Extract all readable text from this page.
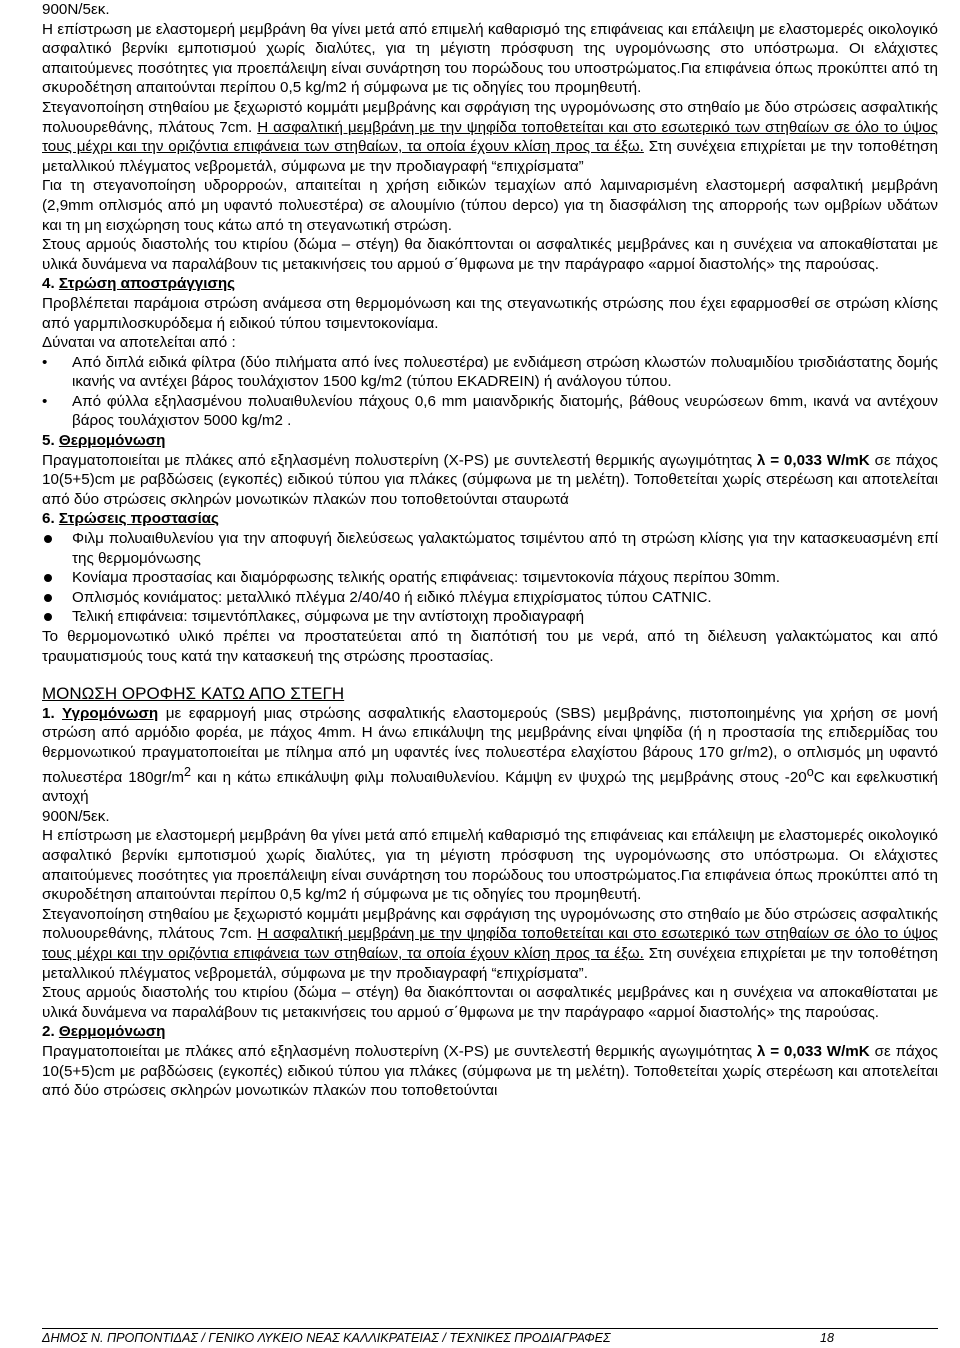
900N/5εκ.

Η επίστρωση με ελαστομερή μεμβράνη θα γίνει μετά από επιμελή καθαρισμό της επιφάνειας και επάλειψη με ελαστομερές οικολογικό ασφαλτικό βερνίκι εμποτισμού χωρίς διαλύτες, για τη μέγιστη πρόσφυση της υγρομόνωσης στο υπόστρωμα. Οι ελάχιστες απαιτούμενες ποσότητες για προεπάλειψη είναι συνάρτηση του πορώδους του υποστρώματος.Για επιφάνεια όπως προκύπτει από τη σκυροδέτηση απαιτούνται περίπου 0,5 kg/m2 ή σύμφωνα με τις οδηγίες του προμηθευτή.

Στεγανοποίηση στηθαίου με ξεχωριστό κομμάτι μεμβράνης και σφράγιση της υγρομόνωσης στο στηθαίο με δύο στρώσεις ασφαλτικής πολυουρεθάνης, πλάτους 7cm. Η ασφαλτική μεμβράνη με την ψηφίδα τοποθετείται και στο εσωτερικό των στηθαίων σε όλο το ύψος τους μέχρι και την οριζόντια επιφάνεια των στηθαίων, τα οποία έχουν κλίση προς τα έξω. Στη συνέχεια επιχρίεται με την τοποθέτηση μεταλλικού πλέγματος νεβρομετάλ, σύμφωνα με την προδιαγραφή “επιχρίσματα”

Για τη στεγανοποίηση υδρορροών, απαιτείται η χρήση ειδικών τεμαχίων από λαμιναρισμένη ελαστομερή ασφαλτική μεμβράνη (2,9mm οπλισμός από μη υφαντό πολυεστέρα) σε αλουμίνιο (τύπου depco) για τη διασφάλιση της απορροής των ομβρίων υδάτων και τη μη εισχώρηση τους κάτω από τη στεγανωτική στρώση.

Στους αρμούς διαστολής του κτιρίου (δώμα – στέγη) θα διακόπτονται οι ασφαλτικές μεμβράνες και η συνέχεια να αποκαθίσταται με υλικά δυνάμενα να παραλάβουν τις μετακινήσεις του αρμού σ΄θμφωνα με την παράγραφο «αρμοί διαστολής» της παρούσας.

4. Στρώση αποστράγγισης

Προβλέπεται παράμοια στρώση ανάμεσα στη θερμομόνωση και της στεγανωτικής στρώσης που έχει εφαρμοσθεί σε στρώση κλίσης από γαρμπιλοσκυρόδεμα ή ειδικού τύπου τσιμεντοκονίαμα.

Δύναται να αποτελείται από :

• Από διπλά ειδικά φίλτρα (δύο πιλήματα από ίνες πολυεστέρα) με ενδιάμεση στρώση κλωστών πολυαμιδίου τρισδιάστατης δομής ικανής να αντέχει βάρος τουλάχιστον 1500 kg/m2 (τύπου EKADREIN) ή ανάλογου τύπου.

• Από φύλλα εξηλασμένου πολυαιθυλενίου πάχους 0,6 mm μαιανδρικής διατομής, βάθους νευρώσεων 6mm, ικανά να αντέχουν βάρος τουλάχιστον 5000 kg/m2 .

5. Θερμομόνωση

Πραγματοποιείται με πλάκες από εξηλασμένη πολυστερίνη (X-PS) με συντελεστή θερμικής αγωγιμότητας λ = 0,033 W/mK σε πάχος 10(5+5)cm με ραβδώσεις (εγκοπές) ειδικού τύπου για πλάκες (σύμφωνα με τη μελέτη). Τοποθετείται χωρίς στερέωση και αποτελείται από δύο στρώσεις σκληρών μονωτικών πλακών που τοποθετούνται σταυρωτά

6. Στρώσεις προστασίας

Φιλμ πολυαιθυλενίου για την αποφυγή διελεύσεως γαλακτώματος τσιμέντου από τη στρώση κλίσης για την κατασκευασμένη επί της θερμομόνωσης

Κονίαμα προστασίας και διαμόρφωσης τελικής ορατής επιφάνειας: τσιμεντοκονία πάχους περίπου 30mm.

Οπλισμός κονιάματος: μεταλλικό πλέγμα 2/40/40 ή ειδικό πλέγμα επιχρίσματος τύπου CATNIC.

Τελική επιφάνεια: τσιμεντόπλακες, σύμφωνα με την αντίστοιχη προδιαγραφή

Το θερμομονωτικό υλικό πρέπει να προστατεύεται από τη διαπότισή του με νερά, από τη διέλευση γαλακτώματος και από τραυματισμούς τους κατά την κατασκευή της στρώσης προστασίας.

ΜΟΝΩΣΗ ΟΡΟΦΗΣ ΚΑΤΩ ΑΠΟ ΣΤΕΓΗ

1. Υγρομόνωση με εφαρμογή μιας στρώσης ασφαλτικής ελαστομερούς (SBS) μεμβράνης, πιστοποιημένης για χρήση σε μονή στρώση από αρμόδιο φορέα, με πάχος 4mm. Η άνω επικάλυψη της μεμβράνης είναι ψηφίδα (ή η προστασία της επιδερμίδας του θερμονωτικού πραγματοποιείται με πίλημα από μη υφαντές ίνες πολυεστέρα ελαχίστου βάρους 170 gr/m2), ο οπλισμός μη υφαντό πολυεστέρα $180gr/m^2$ και η κάτω επικάλυψη φιλμ πολυαιθυλενίου. Κάμψη εν ψυχρώ της μεμβράνης στους -20$^o$C και εφελκυστική αντοχή

900N/5εκ.

Η επίστρωση με ελαστομερή μεμβράνη θα γίνει μετά από επιμελή καθαρισμό της επιφάνειας και επάλειψη με ελαστομερές οικολογικό ασφαλτικό βερνίκι εμποτισμού χωρίς διαλύτες, για τη μέγιστη πρόσφυση της υγρομόνωσης στο υπόστρωμα. Οι ελάχιστες απαιτούμενες ποσότητες για προεπάλειψη είναι συνάρτηση του πορώδους του υποστρώματος.Για επιφάνεια όπως προκύπτει από τη σκυροδέτηση απαιτούνται περίπου 0,5 kg/m2 ή σύμφωνα με τις οδηγίες του προμηθευτή.

Στεγανοποίηση στηθαίου με ξεχωριστό κομμάτι μεμβράνης και σφράγιση της υγρομόνωσης στο στηθαίο με δύο στρώσεις ασφαλτικής πολυουρεθάνης, πλάτους 7cm. Η ασφαλτική μεμβράνη με την ψηφίδα τοποθετείται και στο εσωτερικό των στηθαίων σε όλο το ύψος τους μέχρι και την οριζόντια επιφάνεια των στηθαίων, τα οποία έχουν κλίση προς τα έξω. Στη συνέχεια επιχρίεται με την τοποθέτηση μεταλλικού πλέγματος νεβρομετάλ, σύμφωνα με την προδιαγραφή “επιχρίσματα”.

Στους αρμούς διαστολής του κτιρίου (δώμα – στέγη) θα διακόπτονται οι ασφαλτικές μεμβράνες και η συνέχεια να αποκαθίσταται με υλικά δυνάμενα να παραλάβουν τις μετακινήσεις του αρμού σ΄θμφωνα με την παράγραφο «αρμοί διαστολής» της παρούσας.

2. Θερμομόνωση

Πραγματοποιείται με πλάκες από εξηλασμένη πολυστερίνη (X-PS) με συντελεστή θερμικής αγωγιμότητας λ = 0,033 W/mK σε πάχος 10(5+5)cm με ραβδώσεις (εγκοπές) ειδικού τύπου για πλάκες (σύμφωνα με τη μελέτη). Τοποθετείται χωρίς στερέωση και αποτελείται από δύο στρώσεις σκληρών μονωτικών πλακών που τοποθετούνται

ΔΗΜΟΣ Ν. ΠΡΟΠΟΝΤΙΔΑΣ / ΓΕΝΙΚΟ ΛΥΚΕΙΟ ΝΕΑΣ ΚΑΛΛΙΚΡΑΤΕΙΑΣ / ΤΕΧΝΙΚΕΣ ΠΡΟΔΙΑΓΡΑΦΕΣ	18
